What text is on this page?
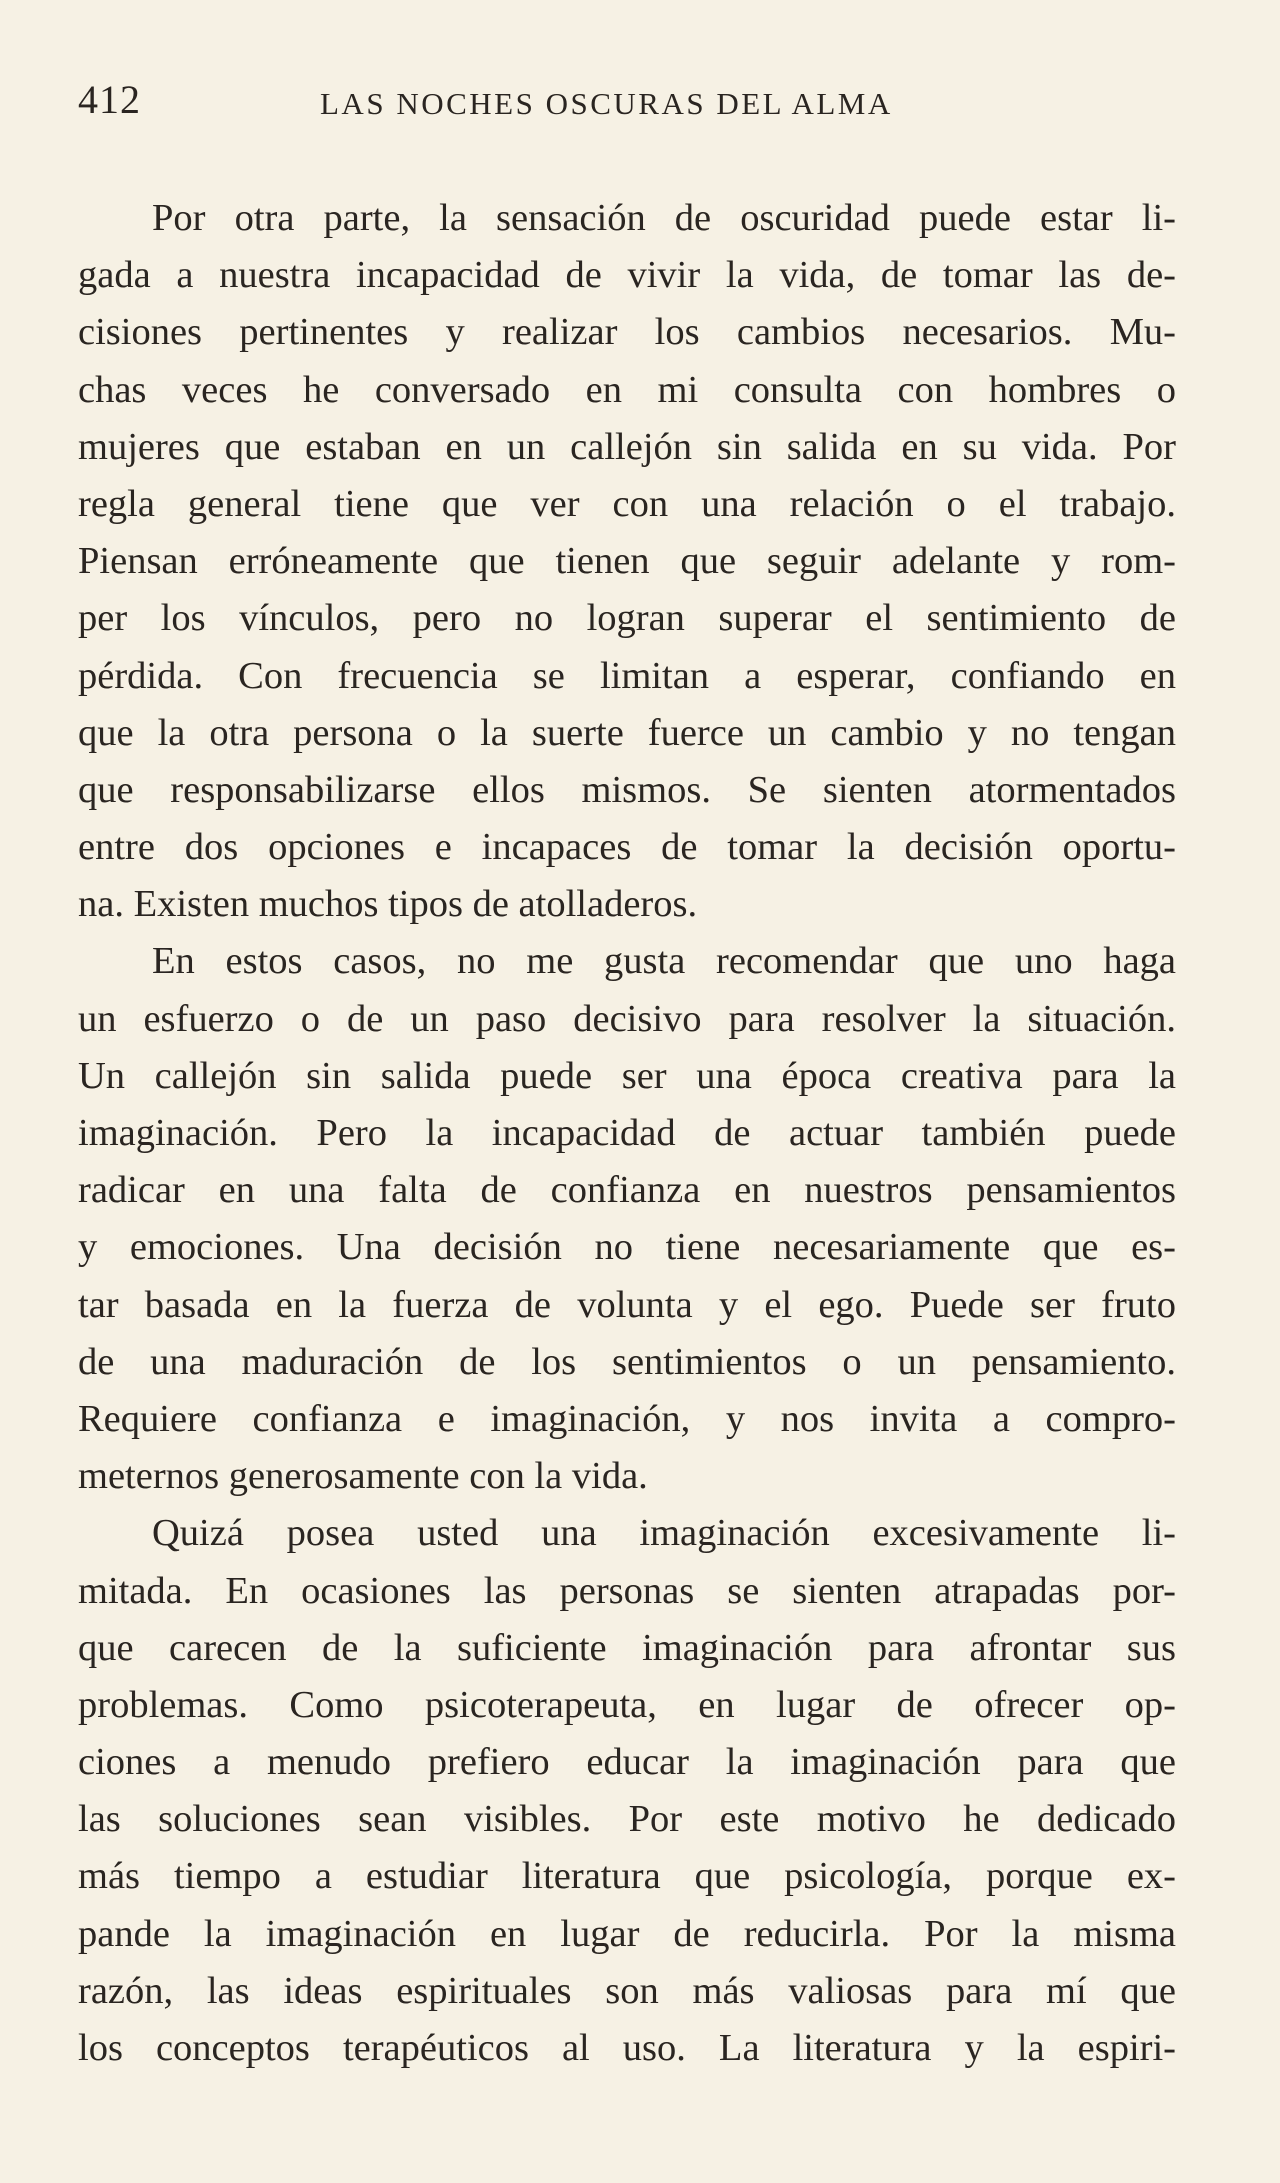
412	LAS NOCHES OSCURAS DEL ALMA
Por otra parte, la sensación de oscuridad puede estar li-
gada a nuestra incapacidad de vivir la vida, de tomar las de-
cisiones pertinentes y realizar los cambios necesarios. Mu-
chas veces he conversado en mi consulta con hombres o
mujeres que estaban en un callejón sin salida en su vida. Por
regla general tiene que ver con una relación o el trabajo.
Piensan erróneamente que tienen que seguir adelante y rom-
per los vínculos, pero no logran superar el sentimiento de
pérdida. Con frecuencia se limitan a esperar, confiando en
que la otra persona o la suerte fuerce un cambio y no tengan
que responsabilizarse ellos mismos. Se sienten atormentados
entre dos opciones e incapaces de tomar la decisión oportu-
na. Existen muchos tipos de atolladeros.
En estos casos, no me gusta recomendar que uno haga
un esfuerzo o de un paso decisivo para resolver la situación.
Un callejón sin salida puede ser una época creativa para la
imaginación. Pero la incapacidad de actuar también puede
radicar en una falta de confianza en nuestros pensamientos
y emociones. Una decisión no tiene necesariamente que es-
tar basada en la fuerza de volunta y el ego. Puede ser fruto
de una maduración de los sentimientos o un pensamiento.
Requiere confianza e imaginación, y nos invita a compro-
meternos generosamente con la vida.
Quizá posea usted una imaginación excesivamente li-
mitada. En ocasiones las personas se sienten atrapadas por-
que carecen de la suficiente imaginación para afrontar sus
problemas. Como psicoterapeuta, en lugar de ofrecer op-
ciones a menudo prefiero educar la imaginación para que
las soluciones sean visibles. Por este motivo he dedicado
más tiempo a estudiar literatura que psicología, porque ex-
pande la imaginación en lugar de reducirla. Por la misma
razón, las ideas espirituales son más valiosas para mí que
los conceptos terapéuticos al uso. La literatura y la espiri-
